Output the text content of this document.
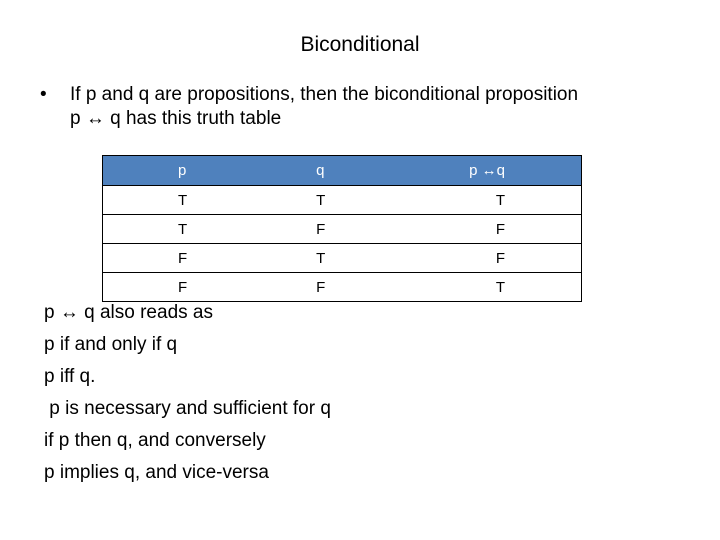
Biconditional
• If p and q are propositions, then the biconditional proposition
p ↔ q has this truth table
p	q	p ↔q
T	T	T
T	F	F
F	T	F
F	F	T
p ↔ q also reads as
p if and only if q
p iff q.
p is necessary and sufficient for q
if p then q, and conversely
p implies q, and vice-versa
